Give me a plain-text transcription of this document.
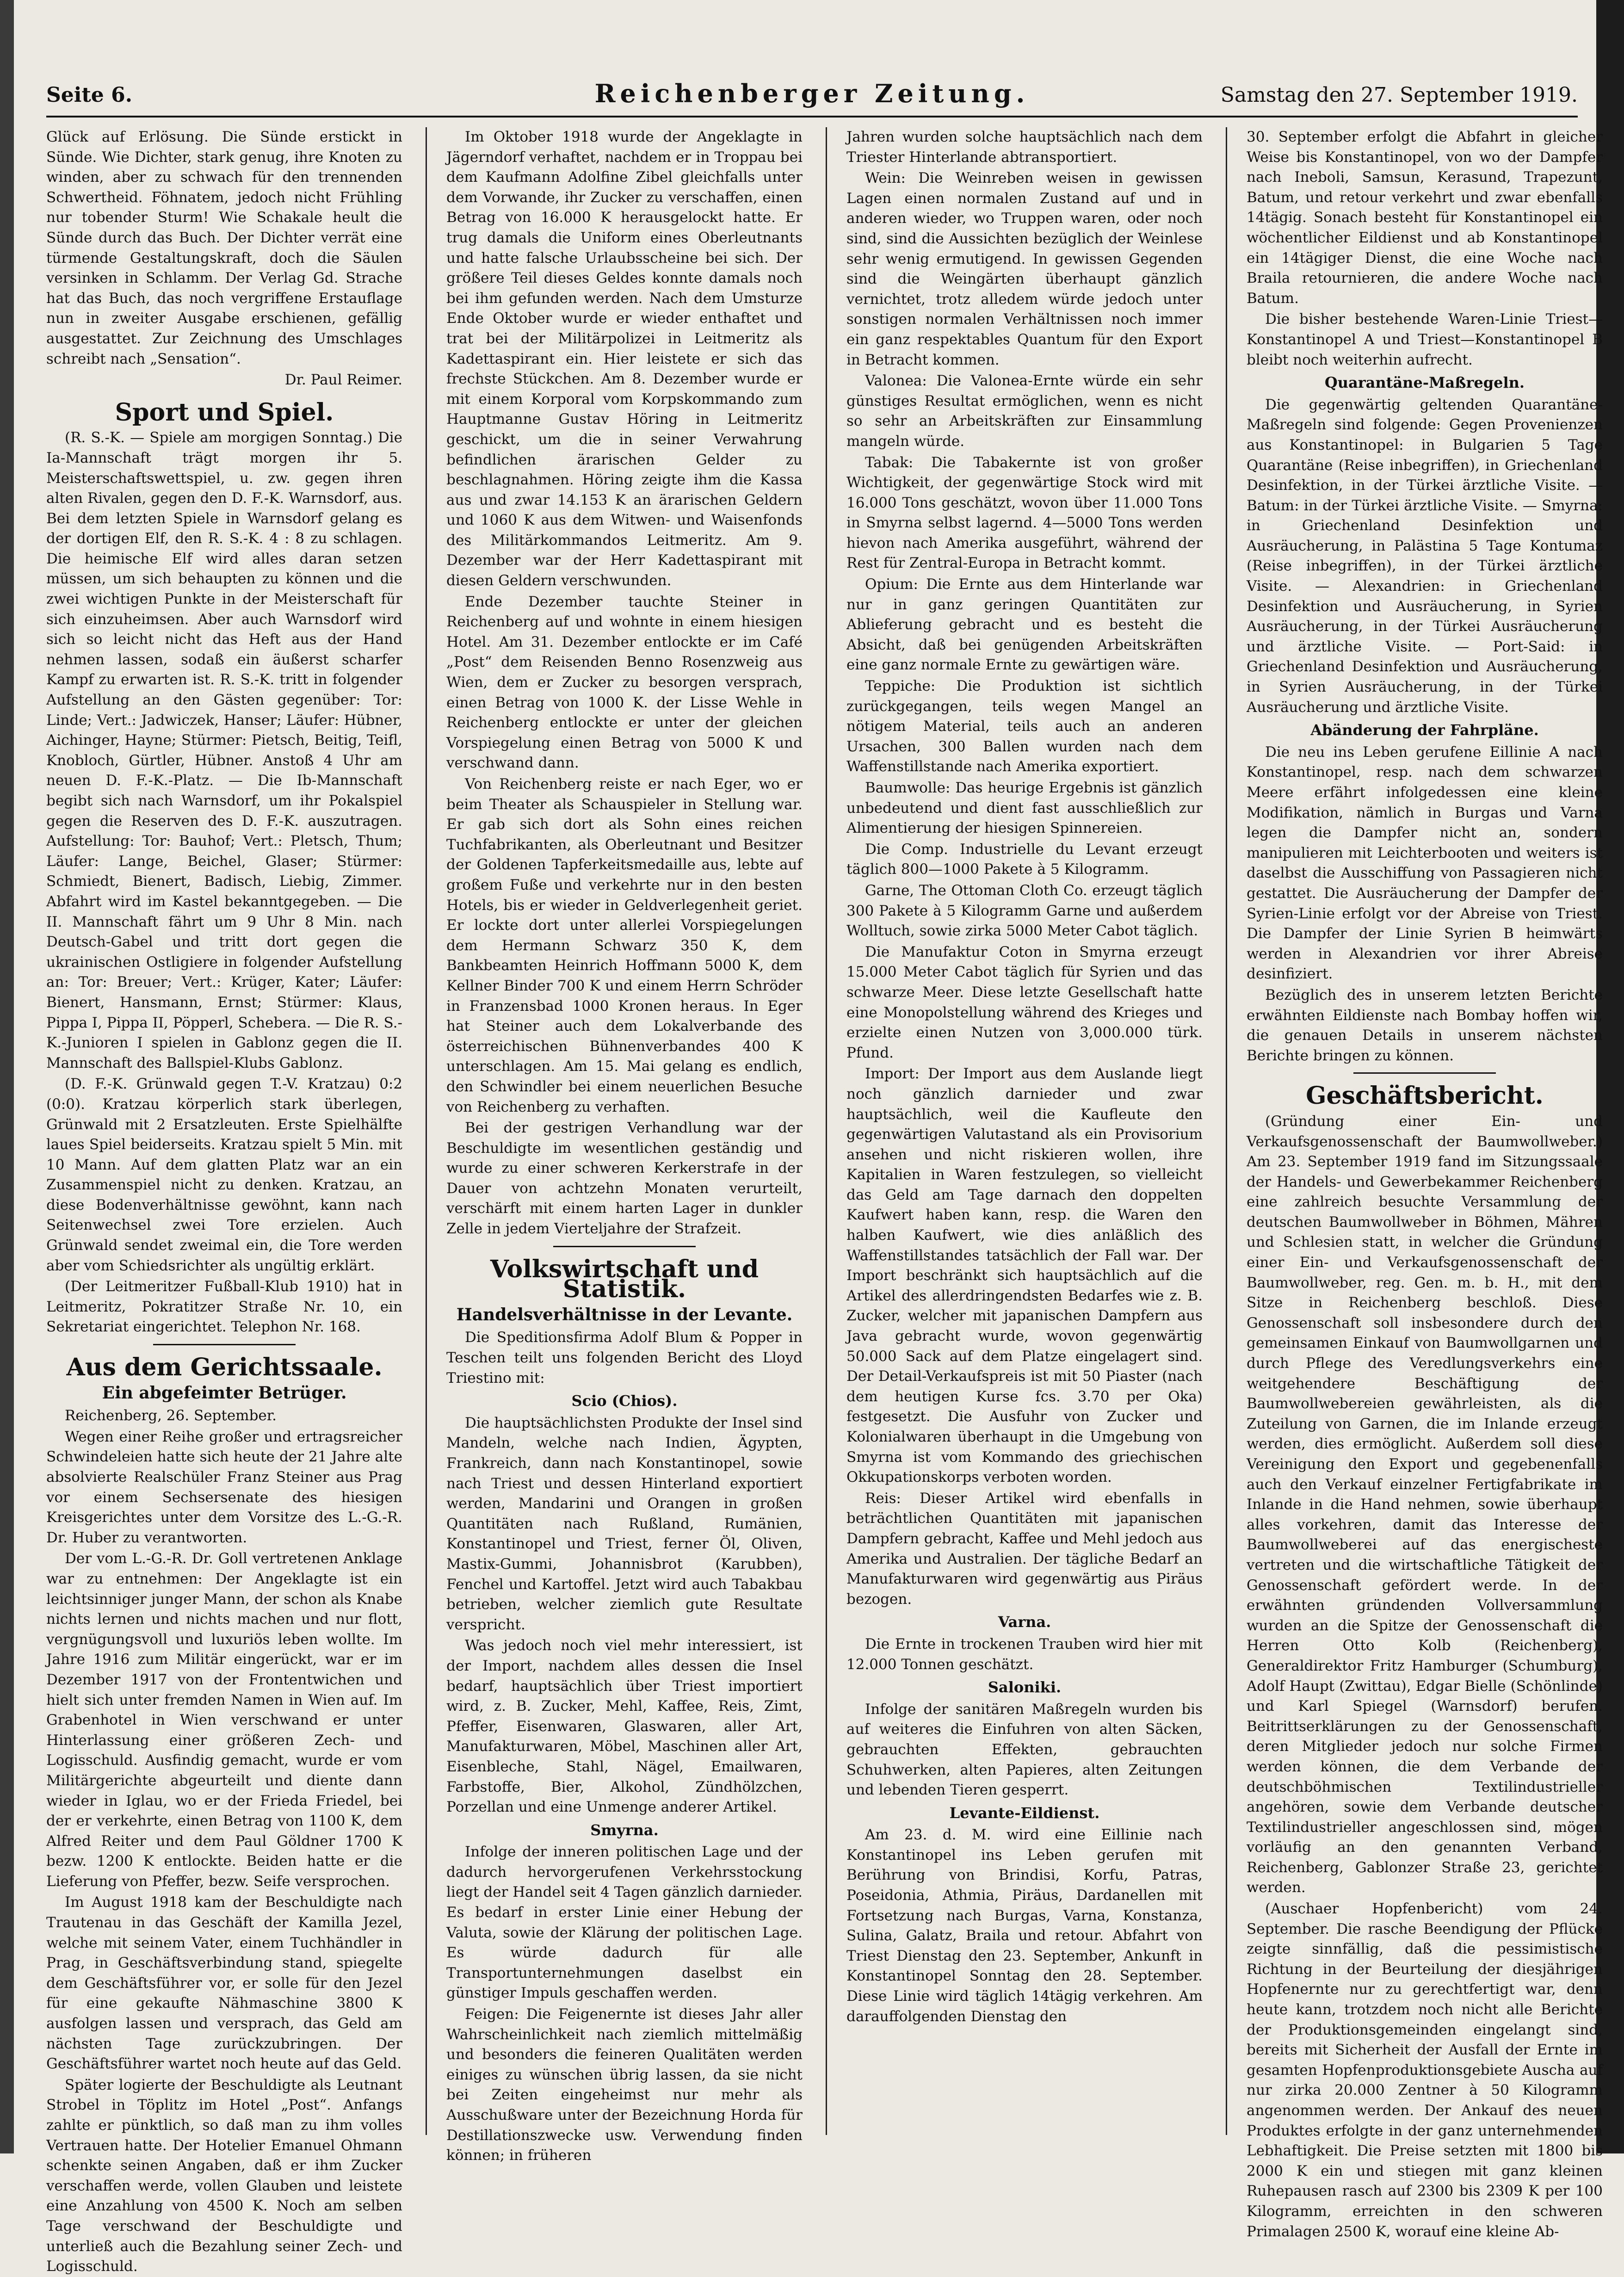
Seite 6.	Reichenberger Zeitung.	Samstag den 27. September 1919.

Glück auf Erlösung. Die Sünde erstickt in Sünde. Wie Dichter, stark genug, ihre Knoten zu winden, aber zu schwach für den trennenden Schwertheid. Föhnatem, jedoch nicht Frühling nur tobender Sturm! Wie Schakale heult die Sünde durch das Buch. Der Dichter verrät eine türmende Gestaltungskraft, doch die Säulen versinken in Schlamm. Der Verlag Gd. Strache hat das Buch, das noch vergriffene Erstauflage nun in zweiter Ausgabe erschienen, gefällig ausgestattet. Zur Zeichnung des Umschlages schreibt nach „Sensation“.

Dr. Paul Reimer.

Sport und Spiel.

(R. S.-K. — Spiele am morgigen Sonntag.) Die Ia-Mannschaft trägt morgen ihr 5. Meisterschaftswettspiel, u. zw. gegen ihren alten Rivalen, gegen den D. F.-K. Warnsdorf, aus. Bei dem letzten Spiele in Warnsdorf gelang es der dortigen Elf, den R. S.-K. 4 : 8 zu schlagen. Die heimische Elf wird alles daran setzen müssen, um sich behaupten zu können und die zwei wichtigen Punkte in der Meisterschaft für sich einzuheimsen. Aber auch Warnsdorf wird sich so leicht nicht das Heft aus der Hand nehmen lassen, sodaß ein äußerst scharfer Kampf zu erwarten ist. R. S.-K. tritt in folgender Aufstellung an den Gästen gegenüber: Tor: Linde; Vert.: Jadwiczek, Hanser; Läufer: Hübner, Aichinger, Hayne; Stürmer: Pietsch, Beitig, Teifl, Knobloch, Gürtler, Hübner. Anstoß 4 Uhr am neuen D. F.-K.-Platz. — Die Ib-Mannschaft begibt sich nach Warnsdorf, um ihr Pokalspiel gegen die Reserven des D. F.-K. auszutragen. Aufstellung: Tor: Bauhof; Vert.: Pletsch, Thum; Läufer: Lange, Beichel, Glaser; Stürmer: Schmiedt, Bienert, Badisch, Liebig, Zimmer. Abfahrt wird im Kastel bekanntgegeben. — Die II. Mannschaft fährt um 9 Uhr 8 Min. nach Deutsch-Gabel und tritt dort gegen die ukrainischen Ostligiere in folgender Aufstellung an: Tor: Breuer; Vert.: Krüger, Kater; Läufer: Bienert, Hansmann, Ernst; Stürmer: Klaus, Pippa I, Pippa II, Pöpperl, Schebera. — Die R. S.-K.-Junioren I spielen in Gablonz gegen die II. Mannschaft des Ballspiel-Klubs Gablonz.

(D. F.-K. Grünwald gegen T.-V. Kratzau) 0:2 (0:0). Kratzau körperlich stark überlegen, Grünwald mit 2 Ersatzleuten. Erste Spielhälfte laues Spiel beiderseits. Kratzau spielt 5 Min. mit 10 Mann. Auf dem glatten Platz war an ein Zusammenspiel nicht zu denken. Kratzau, an diese Bodenverhältnisse gewöhnt, kann nach Seitenwechsel zwei Tore erzielen. Auch Grünwald sendet zweimal ein, die Tore werden aber vom Schiedsrichter als ungültig erklärt.

(Der Leitmeritzer Fußball-Klub 1910) hat in Leitmeritz, Pokratitzer Straße Nr. 10, ein Sekretariat eingerichtet. Telephon Nr. 168.

Aus dem Gerichtssaale.
Ein abgefeimter Betrüger.

Reichenberg, 26. September.

Wegen einer Reihe großer und ertragsreicher Schwindeleien hatte sich heute der 21 Jahre alte absolvierte Realschüler Franz Steiner aus Prag vor einem Sechsersenate des hiesigen Kreisgerichtes unter dem Vorsitze des L.-G.-R. Dr. Huber zu verantworten.

Der vom L.-G.-R. Dr. Goll vertretenen Anklage war zu entnehmen: Der Angeklagte ist ein leichtsinniger junger Mann, der schon als Knabe nichts lernen und nichts machen und nur flott, vergnügungsvoll und luxuriös leben wollte. Im Jahre 1916 zum Militär eingerückt, war er im Dezember 1917 von der Frontentwichen und hielt sich unter fremden Namen in Wien auf. Im Grabenhotel in Wien verschwand er unter Hinterlassung einer größeren Zech- und Logisschuld. Ausfindig gemacht, wurde er vom Militärgerichte abgeurteilt und diente dann wieder in Iglau, wo er der Frieda Friedel, bei der er verkehrte, einen Betrag von 1100 K, dem Alfred Reiter und dem Paul Göldner 1700 K bezw. 1200 K entlockte. Beiden hatte er die Lieferung von Pfeffer, bezw. Seife versprochen.

Im August 1918 kam der Beschuldigte nach Trautenau in das Geschäft der Kamilla Jezel, welche mit seinem Vater, einem Tuchhändler in Prag, in Geschäftsverbindung stand, spiegelte dem Geschäftsführer vor, er solle für den Jezel für eine gekaufte Nähmaschine 3800 K ausfolgen lassen und versprach, das Geld am nächsten Tage zurückzubringen. Der Geschäftsführer wartet noch heute auf das Geld.

Später logierte der Beschuldigte als Leutnant Strobel in Töplitz im Hotel „Post“. Anfangs zahlte er pünktlich, so daß man zu ihm volles Vertrauen hatte. Der Hotelier Emanuel Ohmann schenkte seinen Angaben, daß er ihm Zucker verschaffen werde, vollen Glauben und leistete eine Anzahlung von 4500 K. Noch am selben Tage verschwand der Beschuldigte und unterließ auch die Bezahlung seiner Zech- und Logisschuld.

Im Oktober 1918 wurde der Angeklagte in Jägerndorf verhaftet, nachdem er in Troppau bei dem Kaufmann Adolfine Zibel gleichfalls unter dem Vorwande, ihr Zucker zu verschaffen, einen Betrag von 16.000 K herausgelockt hatte. Er trug damals die Uniform eines Oberleutnants und hatte falsche Urlaubsscheine bei sich. Der größere Teil dieses Geldes konnte damals noch bei ihm gefunden werden. Nach dem Umsturze Ende Oktober wurde er wieder enthaftet und trat bei der Militärpolizei in Leitmeritz als Kadettaspirant ein. Hier leistete er sich das frechste Stückchen. Am 8. Dezember wurde er mit einem Korporal vom Korpskommando zum Hauptmanne Gustav Höring in Leitmeritz geschickt, um die in seiner Verwahrung befindlichen ärarischen Gelder zu beschlagnahmen. Höring zeigte ihm die Kassa aus und zwar 14.153 K an ärarischen Geldern und 1060 K aus dem Witwen- und Waisenfonds des Militärkommandos Leitmeritz. Am 9. Dezember war der Herr Kadettaspirant mit diesen Geldern verschwunden.

Ende Dezember tauchte Steiner in Reichenberg auf und wohnte in einem hiesigen Hotel. Am 31. Dezember entlockte er im Café „Post“ dem Reisenden Benno Rosenzweig aus Wien, dem er Zucker zu besorgen versprach, einen Betrag von 1000 K. der Lisse Wehle in Reichenberg entlockte er unter der gleichen Vorspiegelung einen Betrag von 5000 K und verschwand dann.

Von Reichenberg reiste er nach Eger, wo er beim Theater als Schauspieler in Stellung war. Er gab sich dort als Sohn eines reichen Tuchfabrikanten, als Oberleutnant und Besitzer der Goldenen Tapferkeitsmedaille aus, lebte auf großem Fuße und verkehrte nur in den besten Hotels, bis er wieder in Geldverlegenheit geriet. Er lockte dort unter allerlei Vorspiegelungen dem Hermann Schwarz 350 K, dem Bankbeamten Heinrich Hoffmann 5000 K, dem Kellner Binder 700 K und einem Herrn Schröder in Franzensbad 1000 Kronen heraus. In Eger hat Steiner auch dem Lokalverbande des österreichischen Bühnenverbandes 400 K unterschlagen. Am 15. Mai gelang es endlich, den Schwindler bei einem neuerlichen Besuche von Reichenberg zu verhaften.

Bei der gestrigen Verhandlung war der Beschuldigte im wesentlichen geständig und wurde zu einer schweren Kerkerstrafe in der Dauer von achtzehn Monaten verurteilt, verschärft mit einem harten Lager in dunkler Zelle in jedem Vierteljahre der Strafzeit.

Volkswirtschaft und Statistik.
Handelsverhältnisse in der Levante.

Die Speditionsfirma Adolf Blum & Popper in Teschen teilt uns folgenden Bericht des Lloyd Triestino mit:

Scio (Chios).

Die hauptsächlichsten Produkte der Insel sind Mandeln, welche nach Indien, Ägypten, Frankreich, dann nach Konstantinopel, sowie nach Triest und dessen Hinterland exportiert werden, Mandarini und Orangen in großen Quantitäten nach Rußland, Rumänien, Konstantinopel und Triest, ferner Öl, Oliven, Mastix-Gummi, Johannisbrot (Karubben), Fenchel und Kartoffel. Jetzt wird auch Tabakbau betrieben, welcher ziemlich gute Resultate verspricht.

Was jedoch noch viel mehr interessiert, ist der Import, nachdem alles dessen die Insel bedarf, hauptsächlich über Triest importiert wird, z. B. Zucker, Mehl, Kaffee, Reis, Zimt, Pfeffer, Eisenwaren, Glaswaren, aller Art, Manufakturwaren, Möbel, Maschinen aller Art, Eisenbleche, Stahl, Nägel, Emailwaren, Farbstoffe, Bier, Alkohol, Zündhölzchen, Porzellan und eine Unmenge anderer Artikel.

Smyrna.

Infolge der inneren politischen Lage und der dadurch hervorgerufenen Verkehrsstockung liegt der Handel seit 4 Tagen gänzlich darnieder. Es bedarf in erster Linie einer Hebung der Valuta, sowie der Klärung der politischen Lage. Es würde dadurch für alle Transportunternehmungen daselbst ein günstiger Impuls geschaffen werden.

Feigen: Die Feigenernte ist dieses Jahr aller Wahrscheinlichkeit nach ziemlich mittelmäßig und besonders die feineren Qualitäten werden einiges zu wünschen übrig lassen, da sie nicht bei Zeiten eingeheimst nur mehr als Ausschußware unter der Bezeichnung Horda für Destillationszwecke usw. Verwendung finden können; in früheren

Jahren wurden solche hauptsächlich nach dem Triester Hinterlande abtransportiert.

Wein: Die Weinreben weisen in gewissen Lagen einen normalen Zustand auf und in anderen wieder, wo Truppen waren, oder noch sind, sind die Aussichten bezüglich der Weinlese sehr wenig ermutigend. In gewissen Gegenden sind die Weingärten überhaupt gänzlich vernichtet, trotz alledem würde jedoch unter sonstigen normalen Verhältnissen noch immer ein ganz respektables Quantum für den Export in Betracht kommen.

Valonea: Die Valonea-Ernte würde ein sehr günstiges Resultat ermöglichen, wenn es nicht so sehr an Arbeitskräften zur Einsammlung mangeln würde.

Tabak: Die Tabakernte ist von großer Wichtigkeit, der gegenwärtige Stock wird mit 16.000 Tons geschätzt, wovon über 11.000 Tons in Smyrna selbst lagernd. 4—5000 Tons werden hievon nach Amerika ausgeführt, während der Rest für Zentral-Europa in Betracht kommt.

Opium: Die Ernte aus dem Hinterlande war nur in ganz geringen Quantitäten zur Ablieferung gebracht und es besteht die Absicht, daß bei genügenden Arbeitskräften eine ganz normale Ernte zu gewärtigen wäre.

Teppiche: Die Produktion ist sichtlich zurückgegangen, teils wegen Mangel an nötigem Material, teils auch an anderen Ursachen, 300 Ballen wurden nach dem Waffenstillstande nach Amerika exportiert.

Baumwolle: Das heurige Ergebnis ist gänzlich unbedeutend und dient fast ausschließlich zur Alimentierung der hiesigen Spinnereien.

Die Comp. Industrielle du Levant erzeugt täglich 800—1000 Pakete à 5 Kilogramm.

Garne, The Ottoman Cloth Co. erzeugt täglich 300 Pakete à 5 Kilogramm Garne und außerdem Wolltuch, sowie zirka 5000 Meter Cabot täglich.

Die Manufaktur Coton in Smyrna erzeugt 15.000 Meter Cabot täglich für Syrien und das schwarze Meer. Diese letzte Gesellschaft hatte eine Monopolstellung während des Krieges und erzielte einen Nutzen von 3,000.000 türk. Pfund.

Import: Der Import aus dem Auslande liegt noch gänzlich darnieder und zwar hauptsächlich, weil die Kaufleute den gegenwärtigen Valutastand als ein Provisorium ansehen und nicht riskieren wollen, ihre Kapitalien in Waren festzulegen, so vielleicht das Geld am Tage darnach den doppelten Kaufwert haben kann, resp. die Waren den halben Kaufwert, wie dies anläßlich des Waffenstillstandes tatsächlich der Fall war. Der Import beschränkt sich hauptsächlich auf die Artikel des allerdringendsten Bedarfes wie z. B. Zucker, welcher mit japanischen Dampfern aus Java gebracht wurde, wovon gegenwärtig 50.000 Sack auf dem Platze eingelagert sind. Der Detail-Verkaufspreis ist mit 50 Piaster (nach dem heutigen Kurse fcs. 3.70 per Oka) festgesetzt. Die Ausfuhr von Zucker und Kolonialwaren überhaupt in die Umgebung von Smyrna ist vom Kommando des griechischen Okkupationskorps verboten worden.

Reis: Dieser Artikel wird ebenfalls in beträchtlichen Quantitäten mit japanischen Dampfern gebracht, Kaffee und Mehl jedoch aus Amerika und Australien. Der tägliche Bedarf an Manufakturwaren wird gegenwärtig aus Piräus bezogen.

Varna.

Die Ernte in trockenen Trauben wird hier mit 12.000 Tonnen geschätzt.

Saloniki.

Infolge der sanitären Maßregeln wurden bis auf weiteres die Einfuhren von alten Säcken, gebrauchten Effekten, gebrauchten Schuhwerken, alten Papieres, alten Zeitungen und lebenden Tieren gesperrt.

Levante-Eildienst.

Am 23. d. M. wird eine Eillinie nach Konstantinopel ins Leben gerufen mit Berührung von Brindisi, Korfu, Patras, Poseidonia, Athmia, Piräus, Dardanellen mit Fortsetzung nach Burgas, Varna, Konstanza, Sulina, Galatz, Braila und retour. Abfahrt von Triest Dienstag den 23. September, Ankunft in Konstantinopel Sonntag den 28. September. Diese Linie wird täglich 14tägig verkehren. Am darauffolgenden Dienstag den

30. September erfolgt die Abfahrt in gleicher Weise bis Konstantinopel, von wo der Dampfer nach Ineboli, Samsun, Kerasund, Trapezunt, Batum, und retour verkehrt und zwar ebenfalls 14tägig. Sonach besteht für Konstantinopel ein wöchentlicher Eildienst und ab Konstantinopel ein 14tägiger Dienst, die eine Woche nach Braila retournieren, die andere Woche nach Batum.

Die bisher bestehende Waren-Linie Triest—Konstantinopel A und Triest—Konstantinopel B bleibt noch weiterhin aufrecht.

Quarantäne-Maßregeln.

Die gegenwärtig geltenden Quarantäne-Maßregeln sind folgende: Gegen Provenienzen aus Konstantinopel: in Bulgarien 5 Tage Quarantäne (Reise inbegriffen), in Griechenland Desinfektion, in der Türkei ärztliche Visite. — Batum: in der Türkei ärztliche Visite. — Smyrna: in Griechenland Desinfektion und Ausräucherung, in Palästina 5 Tage Kontumaz (Reise inbegriffen), in der Türkei ärztliche Visite. — Alexandrien: in Griechenland Desinfektion und Ausräucherung, in Syrien Ausräucherung, in der Türkei Ausräucherung und ärztliche Visite. — Port-Said: in Griechenland Desinfektion und Ausräucherung, in Syrien Ausräucherung, in der Türkei Ausräucherung und ärztliche Visite.

Abänderung der Fahrpläne.

Die neu ins Leben gerufene Eillinie A nach Konstantinopel, resp. nach dem schwarzen Meere erfährt infolgedessen eine kleine Modifikation, nämlich in Burgas und Varna legen die Dampfer nicht an, sondern manipulieren mit Leichterbooten und weiters ist daselbst die Ausschiffung von Passagieren nicht gestattet. Die Ausräucherung der Dampfer der Syrien-Linie erfolgt vor der Abreise von Triest. Die Dampfer der Linie Syrien B heimwärts werden in Alexandrien vor ihrer Abreise desinfiziert.

Bezüglich des in unserem letzten Berichte erwähnten Eildienste nach Bombay hoffen wir, die genauen Details in unserem nächsten Berichte bringen zu können.

Geschäftsbericht.

(Gründung einer Ein- und Verkaufsgenossenschaft der Baumwollweber.) Am 23. September 1919 fand im Sitzungssaale der Handels- und Gewerbekammer Reichenberg eine zahlreich besuchte Versammlung der deutschen Baumwollweber in Böhmen, Mähren und Schlesien statt, in welcher die Gründung einer Ein- und Verkaufsgenossenschaft der Baumwollweber, reg. Gen. m. b. H., mit dem Sitze in Reichenberg beschloß. Diese Genossenschaft soll insbesondere durch den gemeinsamen Einkauf von Baumwollgarnen und durch Pflege des Veredlungsverkehrs eine weitgehendere Beschäftigung der Baumwollwebereien gewährleisten, als die Zuteilung von Garnen, die im Inlande erzeugt werden, dies ermöglicht. Außerdem soll diese Vereinigung den Export und gegebenenfalls auch den Verkauf einzelner Fertigfabrikate im Inlande in die Hand nehmen, sowie überhaupt alles vorkehren, damit das Interesse der Baumwollweberei auf das energischeste vertreten und die wirtschaftliche Tätigkeit der Genossenschaft gefördert werde. In der erwähnten gründenden Vollversammlung wurden an die Spitze der Genossenschaft die Herren Otto Kolb (Reichenberg), Generaldirektor Fritz Hamburger (Schumburg), Adolf Haupt (Zwittau), Edgar Bielle (Schönlinde) und Karl Spiegel (Warnsdorf) berufen. Beitrittserklärungen zu der Genossenschaft, deren Mitglieder jedoch nur solche Firmen werden können, die dem Verbande der deutschböhmischen Textilindustrieller angehören, sowie dem Verbande deutscher Textilindustrieller angeschlossen sind, mögen vorläufig an den genannten Verband, Reichenberg, Gablonzer Straße 23, gerichtet werden.

(Auschaer Hopfenbericht) vom 24. September. Die rasche Beendigung der Pflücke zeigte sinnfällig, daß die pessimistische Richtung in der Beurteilung der diesjährigen Hopfenernte nur zu gerechtfertigt war, denn heute kann, trotzdem noch nicht alle Berichte der Produktionsgemeinden eingelangt sind, bereits mit Sicherheit der Ausfall der Ernte im gesamten Hopfenproduktionsgebiete Auscha auf nur zirka 20.000 Zentner à 50 Kilogramm angenommen werden. Der Ankauf des neuen Produktes erfolgte in der ganz unternehmenden Lebhaftigkeit. Die Preise setzten mit 1800 bis 2000 K ein und stiegen mit ganz kleinen Ruhepausen rasch auf 2300 bis 2309 K per 100 Kilogramm, erreichten in den schweren Primalagen 2500 K, worauf eine kleine Ab-
